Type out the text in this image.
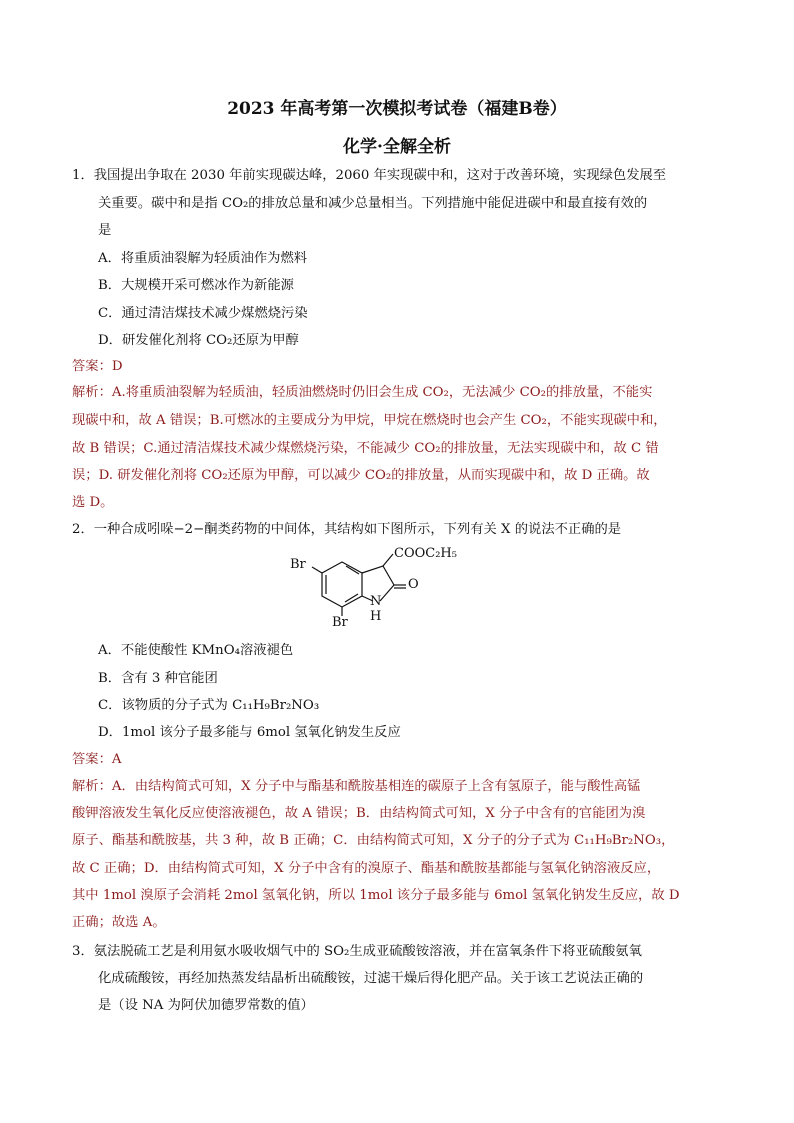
2023 年高考第一次模拟考试卷（福建B卷）
化学·全解全析
1．我国提出争取在 2030 年前实现碳达峰，2060 年实现碳中和，这对于改善环境，实现绿色发展至
关重要。碳中和是指 CO₂的排放总量和减少总量相当。下列措施中能促进碳中和最直接有效的
是
A．将重质油裂解为轻质油作为燃料
B．大规模开采可燃冰作为新能源
C．通过清洁煤技术减少煤燃烧污染
D．研发催化剂将 CO₂还原为甲醇
答案：D
解析：A.将重质油裂解为轻质油，轻质油燃烧时仍旧会生成 CO₂，无法减少 CO₂的排放量，不能实
现碳中和，故 A 错误；B.可燃冰的主要成分为甲烷，甲烷在燃烧时也会产生 CO₂，不能实现碳中和，
故 B 错误；C.通过清洁煤技术减少煤燃烧污染，不能减少 CO₂的排放量，无法实现碳中和，故 C 错
误；D. 研发催化剂将 CO₂还原为甲醇，可以减少 CO₂的排放量，从而实现碳中和，故 D 正确。故
选 D。
2．一种合成吲哚−2−酮类药物的中间体，其结构如下图所示，下列有关 X 的说法不正确的是
Br
Br
COOC₂H₅
O
N
H
A．不能使酸性 KMnO₄溶液褪色
B．含有 3 种官能团
C．该物质的分子式为 C₁₁H₉Br₂NO₃
D．1mol 该分子最多能与 6mol 氢氧化钠发生反应
答案：A
解析：A．由结构简式可知，X 分子中与酯基和酰胺基相连的碳原子上含有氢原子，能与酸性高锰
酸钾溶液发生氧化反应使溶液褪色，故 A 错误；B．由结构简式可知，X 分子中含有的官能团为溴
原子、酯基和酰胺基，共 3 种，故 B 正确；C．由结构简式可知，X 分子的分子式为 C₁₁H₉Br₂NO₃，
故 C 正确；D．由结构简式可知，X 分子中含有的溴原子、酯基和酰胺基都能与氢氧化钠溶液反应，
其中 1mol 溴原子会消耗 2mol 氢氧化钠，所以 1mol 该分子最多能与 6mol 氢氧化钠发生反应，故 D
正确；故选 A。
3．氨法脱硫工艺是利用氨水吸收烟气中的 SO₂生成亚硫酸铵溶液，并在富氧条件下将亚硫酸氨氧
化成硫酸铵，再经加热蒸发结晶析出硫酸铵，过滤干燥后得化肥产品。关于该工艺说法正确的
是（设 NA 为阿伏加德罗常数的值）
